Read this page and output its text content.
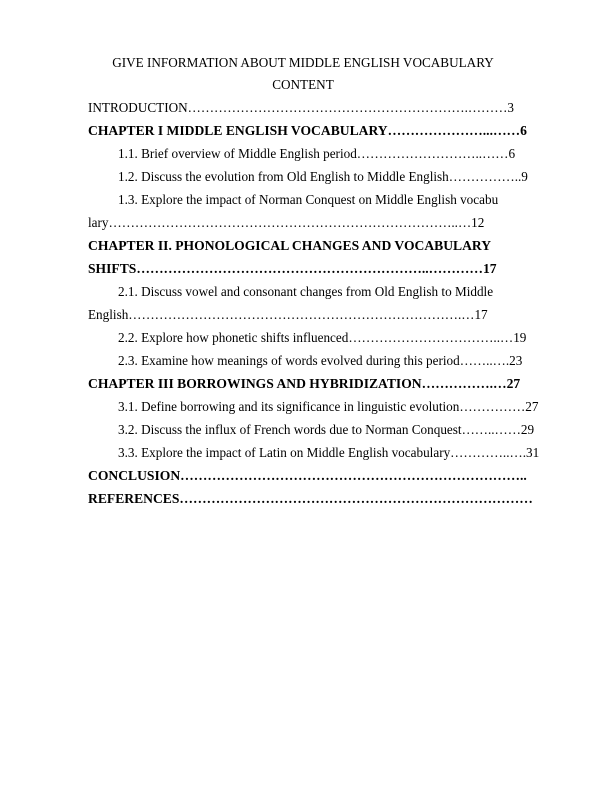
GIVE INFORMATION ABOUT MIDDLE ENGLISH VOCABULARY
CONTENT
INTRODUCTION……………………………………………………….………3
CHAPTER I MIDDLE ENGLISH VOCABULARY…………………...……6
1.1. Brief overview of Middle English period………………………..……6
1.2. Discuss the evolution from Old English to Middle English……………..9
1.3. Explore the impact of Norman Conquest on Middle English vocabu
lary……………………………………………………………………..…12
CHAPTER II. PHONOLOGICAL CHANGES AND VOCABULARY
SHIFTS………………………………………………………..…………17
2.1. Discuss vowel and consonant changes from Old English to Middle
English………………………………………………………………….…17
2.2. Explore how phonetic shifts influenced……………………………..…19
2.3. Examine how meanings of words evolved during this period……..….23
CHAPTER III BORROWINGS AND HYBRIDIZATION…………….…27
3.1. Define borrowing and its significance in linguistic evolution……………27
3.2. Discuss the influx of French words due to Norman Conquest……..……29
3.3. Explore the impact of Latin on Middle English vocabulary…………..….31
CONCLUSION…………………………………………………………………..
REFERENCES……………………………………………………………………
